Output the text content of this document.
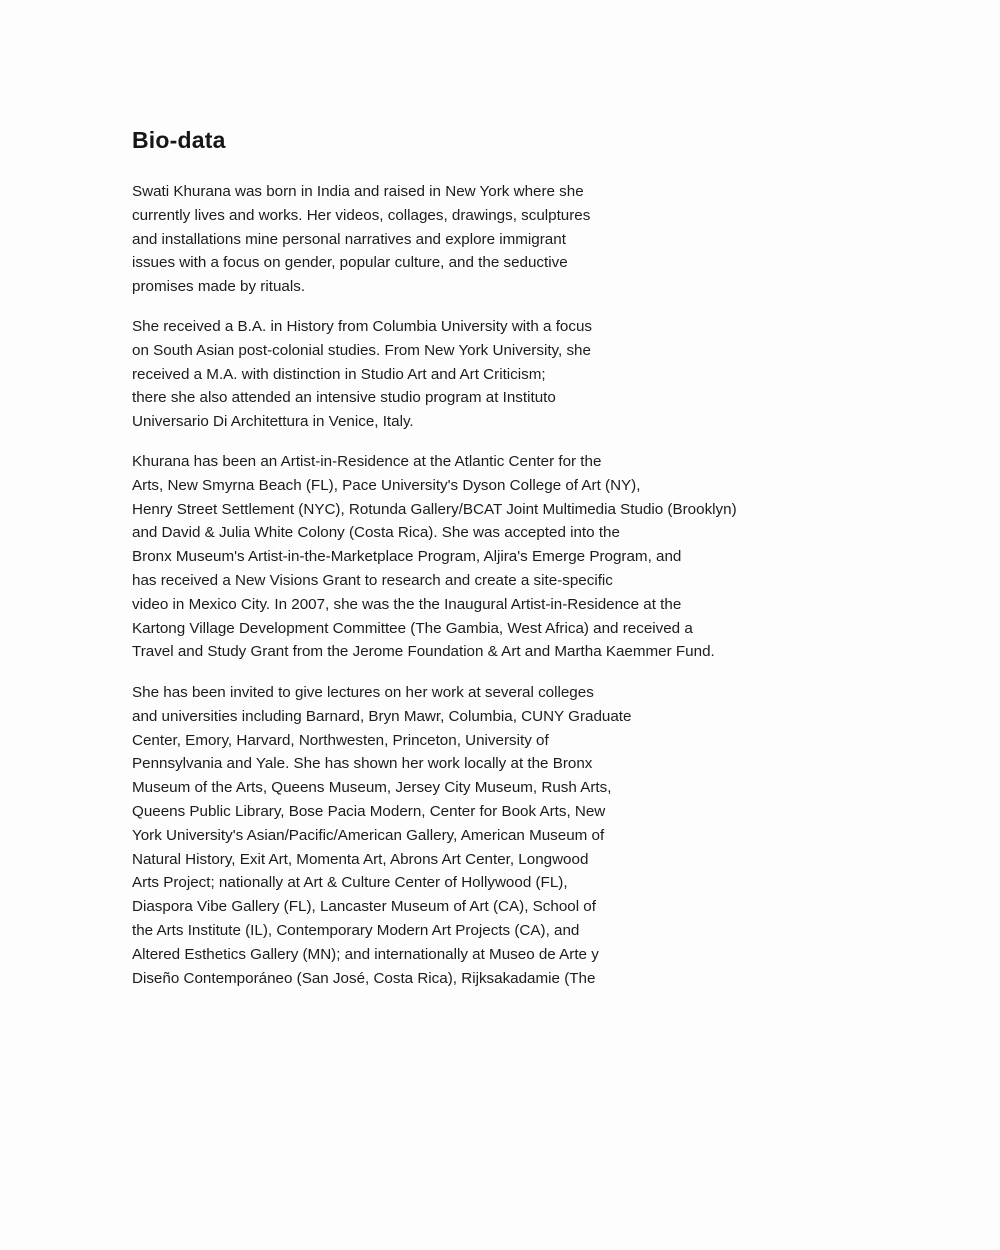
Bio-data

Swati Khurana was born in India and raised in New York where she
currently lives and works. Her videos, collages, drawings, sculptures
and installations mine personal narratives and explore immigrant
issues with a focus on gender, popular culture, and the seductive
promises made by rituals.

She received a B.A. in History from Columbia University with a focus
on South Asian post-colonial studies. From New York University, she
received a M.A. with distinction in Studio Art and Art Criticism;
there she also attended an intensive studio program at Instituto
Universario Di Architettura in Venice, Italy.

Khurana has been an Artist-in-Residence at the Atlantic Center for the
Arts, New Smyrna Beach (FL), Pace University's Dyson College of Art (NY),
Henry Street Settlement (NYC), Rotunda Gallery/BCAT Joint Multimedia Studio (Brooklyn)
and David & Julia White Colony (Costa Rica). She was accepted into the
Bronx Museum's Artist-in-the-Marketplace Program, Aljira's Emerge Program, and
has received a New Visions Grant to research and create a site-specific
video in Mexico City. In 2007, she was the the Inaugural Artist-in-Residence at the
Kartong Village Development Committee (The Gambia, West Africa) and received a
Travel and Study Grant from the Jerome Foundation & Art and Martha Kaemmer Fund.

She has been invited to give lectures on her work at several colleges
and universities including Barnard, Bryn Mawr, Columbia, CUNY Graduate
Center, Emory, Harvard, Northwesten, Princeton, University of
Pennsylvania and Yale. She has shown her work locally at the Bronx
Museum of the Arts, Queens Museum, Jersey City Museum, Rush Arts,
Queens Public Library, Bose Pacia Modern, Center for Book Arts, New
York University's Asian/Pacific/American Gallery, American Museum of
Natural History, Exit Art, Momenta Art, Abrons Art Center, Longwood
Arts Project; nationally at Art & Culture Center of Hollywood (FL),
Diaspora Vibe Gallery (FL), Lancaster Museum of Art (CA), School of
the Arts Institute (IL), Contemporary Modern Art Projects (CA), and
Altered Esthetics Gallery (MN); and internationally at Museo de Arte y
Diseño Contemporáneo (San José, Costa Rica), Rijksakadamie (The
